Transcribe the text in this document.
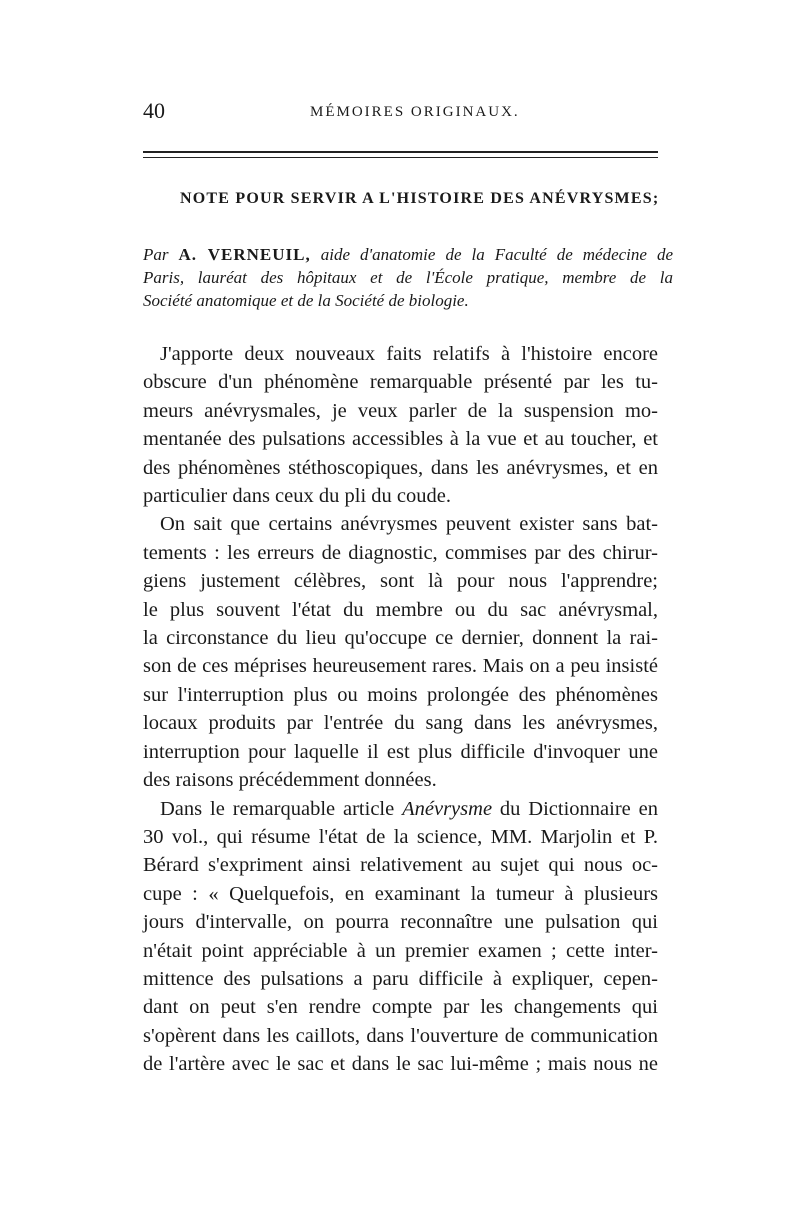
40	MÉMOIRES ORIGINAUX.
NOTE POUR SERVIR A L'HISTOIRE DES ANÉVRYSMES;
Par A. VERNEUIL, aide d'anatomie de la Faculté de médecine de
Paris, lauréat des hôpitaux et de l'École pratique, membre de la
Société anatomique et de la Société de biologie.
J'apporte deux nouveaux faits relatifs à l'histoire encore
obscure d'un phénomène remarquable présenté par les tu-
meurs anévrysmales, je veux parler de la suspension mo-
mentanée des pulsations accessibles à la vue et au toucher, et
des phénomènes stéthoscopiques, dans les anévrysmes, et en
particulier dans ceux du pli du coude.
On sait que certains anévrysmes peuvent exister sans bat-
tements : les erreurs de diagnostic, commises par des chirur-
giens justement célèbres, sont là pour nous l'apprendre;
le plus souvent l'état du membre ou du sac anévrysmal,
la circonstance du lieu qu'occupe ce dernier, donnent la rai-
son de ces méprises heureusement rares. Mais on a peu insisté
sur l'interruption plus ou moins prolongée des phénomènes
locaux produits par l'entrée du sang dans les anévrysmes,
interruption pour laquelle il est plus difficile d'invoquer une
des raisons précédemment données.
Dans le remarquable article Anévrysme du Dictionnaire en
30 vol., qui résume l'état de la science, MM. Marjolin et P.
Bérard s'expriment ainsi relativement au sujet qui nous oc-
cupe : « Quelquefois, en examinant la tumeur à plusieurs
jours d'intervalle, on pourra reconnaître une pulsation qui
n'était point appréciable à un premier examen ; cette inter-
mittence des pulsations a paru difficile à expliquer, cepen-
dant on peut s'en rendre compte par les changements qui
s'opèrent dans les caillots, dans l'ouverture de communication
de l'artère avec le sac et dans le sac lui-même ; mais nous ne
